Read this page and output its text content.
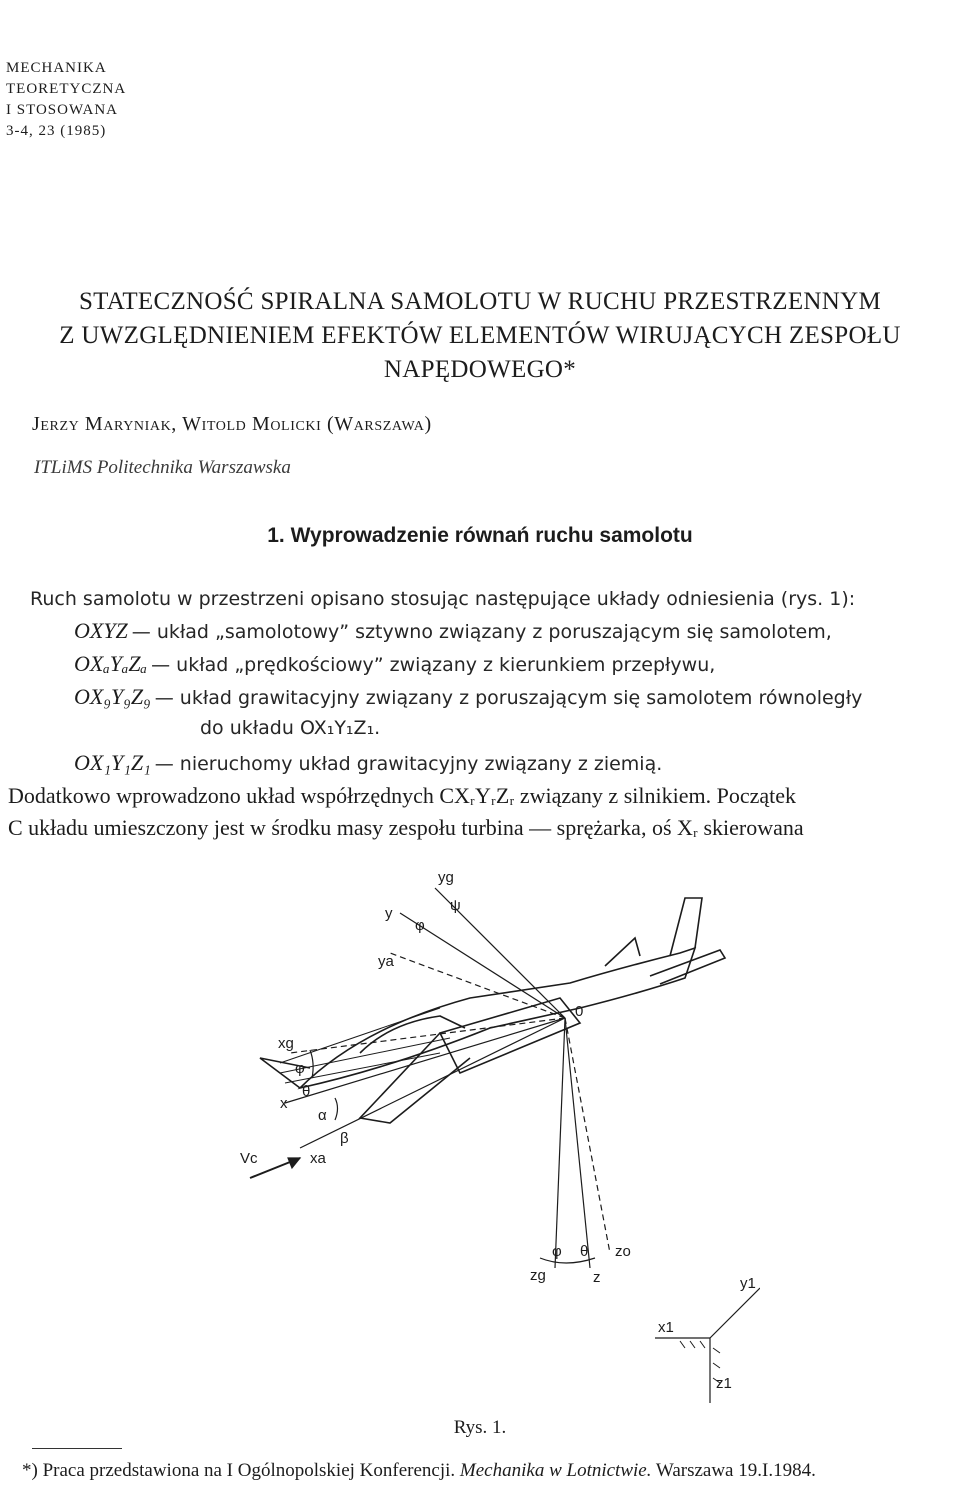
MECHANIKA
TEORETYCZNA
I STOSOWANA
3-4, 23 (1985)
STATECZNOŚĆ SPIRALNA SAMOLOTU W RUCHU PRZESTRZENNYM
Z UWZGLĘDNIENIEM EFEKTÓW ELEMENTÓW WIRUJĄCYCH ZESPOŁU
NAPĘDOWEGO*
Jerzy Maryniak, Witold Molicki (Warszawa)
ITLiMS Politechnika Warszawska
1. Wyprowadzenie równań ruchu samolotu
Ruch samolotu w przestrzeni opisano stosując następujące układy odniesienia (rys. 1):
OXYZ — układ „samolotowy” sztywno związany z poruszającym się samolotem,
OXₐYₐZₐ — układ „prędkościowy” związany z kierunkiem przepływu,
OX₉Y₉Z₉ — układ grawitacyjny związany z poruszającym się samolotem równoległy
do układu OX₁Y₁Z₁.
OX₁Y₁Z₁ — nieruchomy układ grawitacyjny związany z ziemią.
Dodatkowo wprowadzono układ współrzędnych CXᵣYᵣZᵣ związany z silnikiem. Początek
C układu umieszczony jest w środku masy zespołu turbina — sprężarka, oś Xᵣ skierowana
yg
ψ
y
φ
ya
0
xg
φ
θ
x
α
β
Vc	xa
zg
φ θ
z
zo
y1
x1
z1
Rys. 1.
*) Praca przedstawiona na I Ogólnopolskiej Konferencji. Mechanika w Lotnictwie. Warszawa 19.I.1984.
